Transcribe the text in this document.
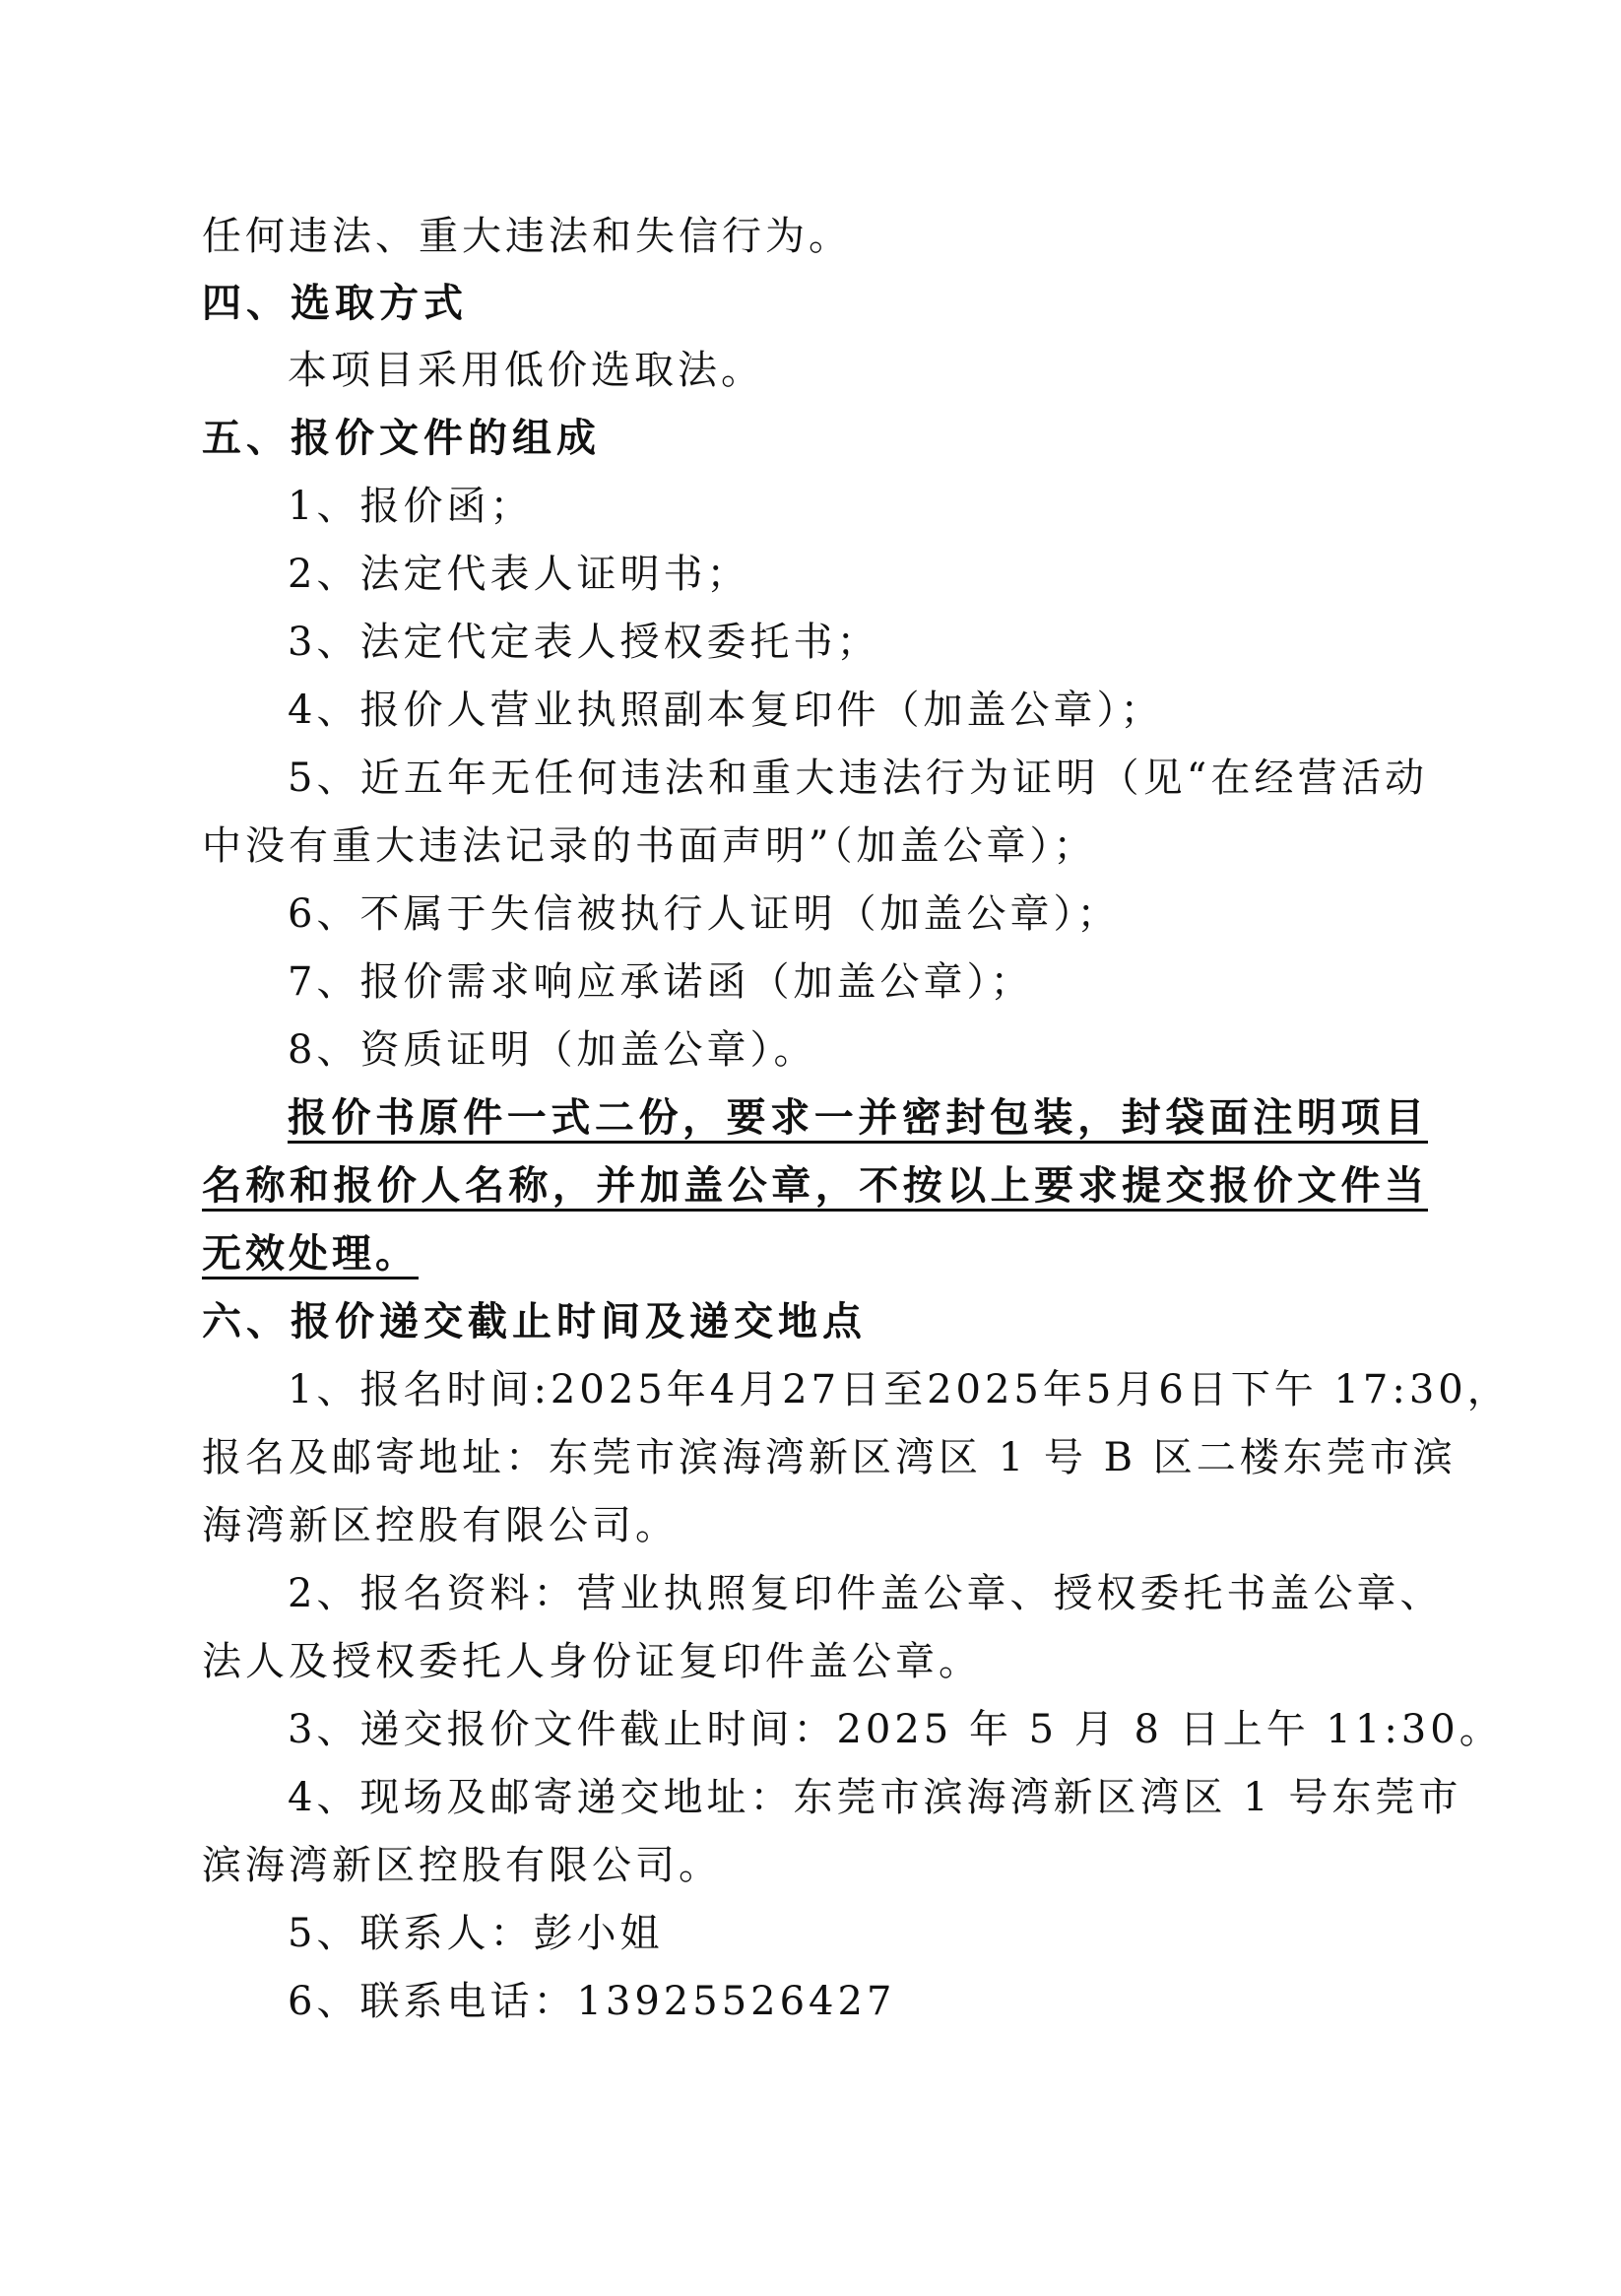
任何违法、重大违法和失信行为。
四、选取方式
本项目采用低价选取法。
五、报价文件的组成
1、报价函；
2、法定代表人证明书；
3、法定代定表人授权委托书；
4、报价人营业执照副本复印件（加盖公章）；
5、近五年无任何违法和重大违法行为证明（见“在经营活动
中没有重大违法记录的书面声明”（加盖公章）；
6、不属于失信被执行人证明（加盖公章）；
7、报价需求响应承诺函（加盖公章）；
8、资质证明（加盖公章）。
报价书原件一式二份，要求一并密封包装，封袋面注明项目
名称和报价人名称，并加盖公章，不按以上要求提交报价文件当
无效处理。
六、报价递交截止时间及递交地点
1、报名时间:2025年4月27日至2025年5月6日下午 17:30，
报名及邮寄地址：东莞市滨海湾新区湾区 1 号 B 区二楼东莞市滨
海湾新区控股有限公司。
2、报名资料：营业执照复印件盖公章、授权委托书盖公章、
法人及授权委托人身份证复印件盖公章。
3、递交报价文件截止时间：2025 年 5 月 8 日上午 11:30。
4、现场及邮寄递交地址：东莞市滨海湾新区湾区 1 号东莞市
滨海湾新区控股有限公司。
5、联系人：彭小姐
6、联系电话：13925526427
